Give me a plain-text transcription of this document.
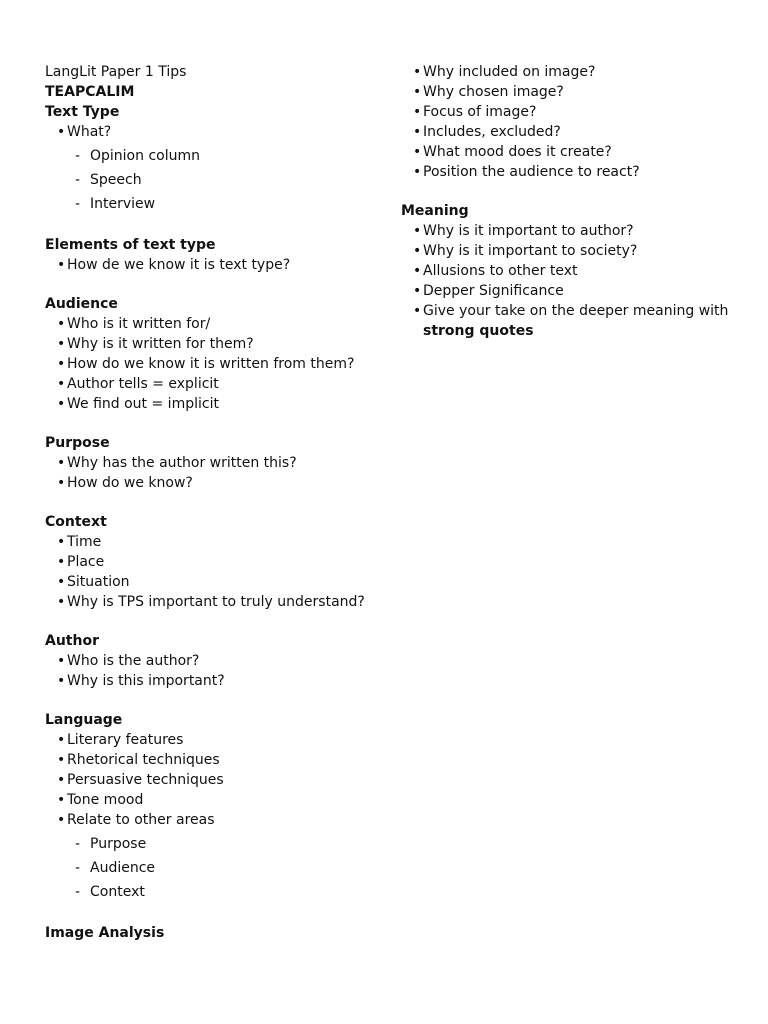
LangLit Paper 1 Tips

TEAPCALIM

Text Type

• What?
- Opinion column
- Speech
- Interview

Elements of text type

• How de we know it is text type?

Audience

• Who is it written for/
• Why is it written for them?
• How do we know it is written from them?
• Author tells = explicit
• We find out = implicit

Purpose

• Why has the author written this?
• How do we know?

Context

• Time
• Place
• Situation
• Why is TPS important to truly understand?

Author

• Who is the author?
• Why is this important?

Language

• Literary features
• Rhetorical techniques
• Persuasive techniques
• Tone mood
• Relate to other areas
- Purpose
- Audience
- Context

Image Analysis

• Why included on image?
• Why chosen image?
• Focus of image?
• Includes, excluded?
• What mood does it create?
• Position the audience to react?

Meaning

• Why is it important to author?
• Why is it important to society?
• Allusions to other text
• Depper Significance
• Give your take on the deeper meaning with strong quotes
